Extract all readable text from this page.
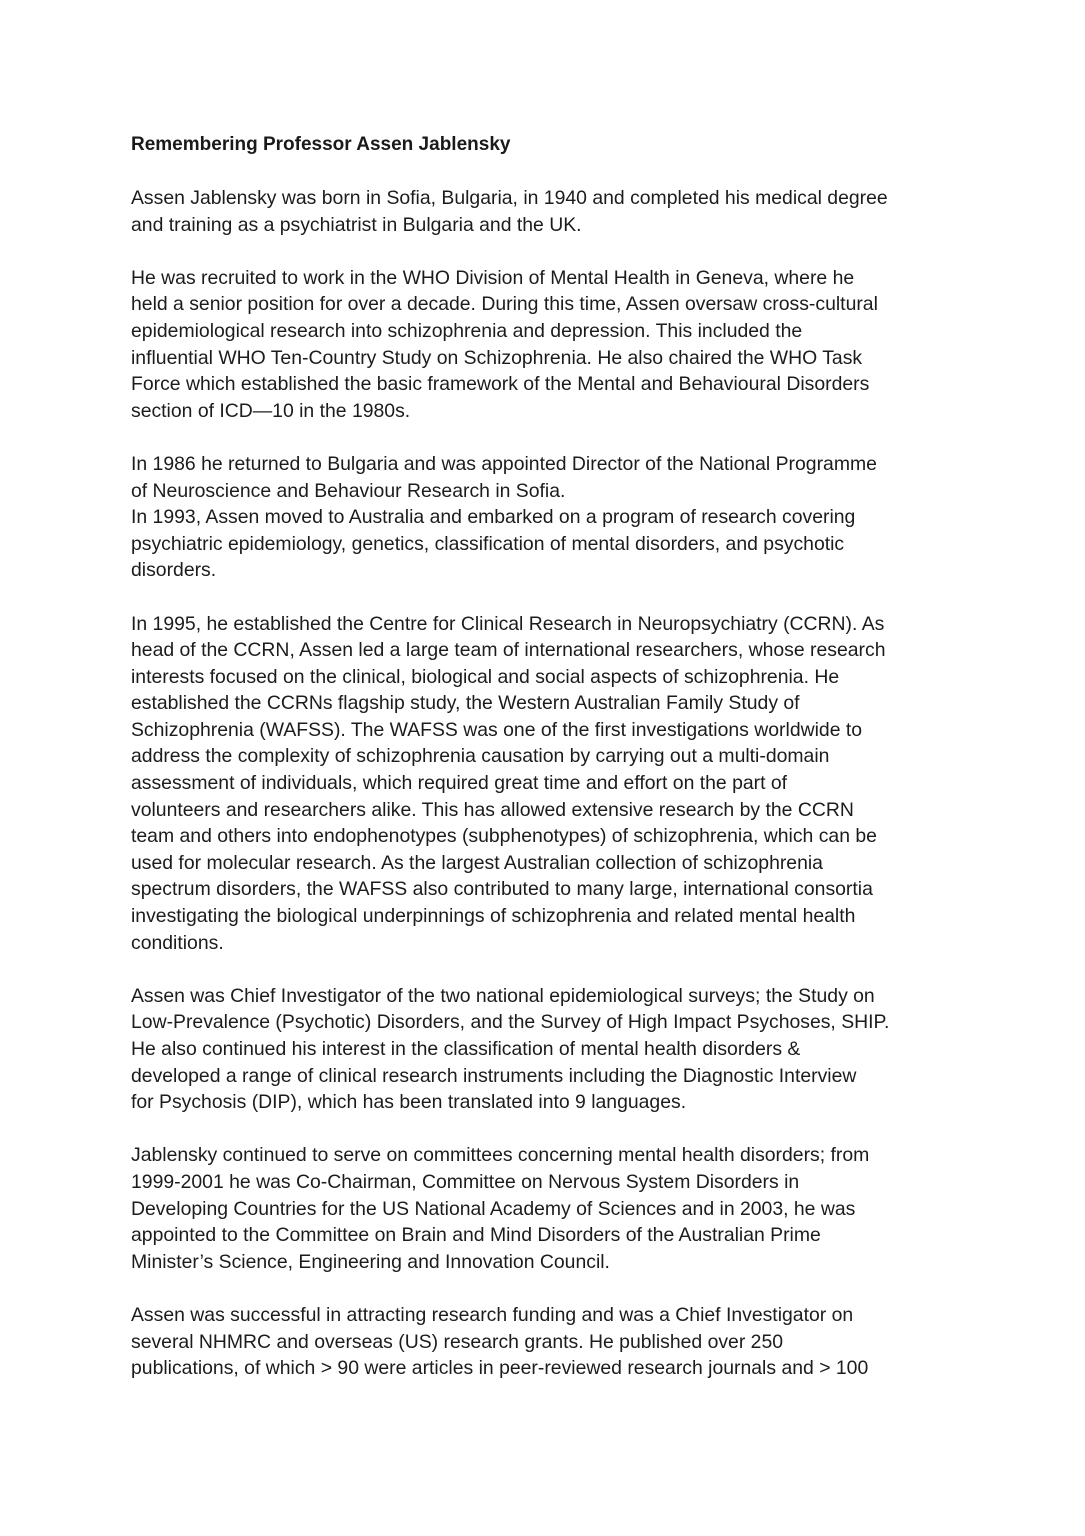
Remembering Professor Assen Jablensky

Assen Jablensky was born in Sofia, Bulgaria, in 1940 and completed his medical degree
and training as a psychiatrist in Bulgaria and the UK.

He was recruited to work in the WHO Division of Mental Health in Geneva, where he
held a senior position for over a decade. During this time, Assen oversaw cross-cultural
epidemiological research into schizophrenia and depression. This included the
influential WHO Ten-Country Study on Schizophrenia. He also chaired the WHO Task
Force which established the basic framework of the Mental and Behavioural Disorders
section of ICD—10 in the 1980s.

In 1986 he returned to Bulgaria and was appointed Director of the National Programme
of Neuroscience and Behaviour Research in Sofia.
In 1993, Assen moved to Australia and embarked on a program of research covering
psychiatric epidemiology, genetics, classification of mental disorders, and psychotic
disorders.

In 1995, he established the Centre for Clinical Research in Neuropsychiatry (CCRN). As
head of the CCRN, Assen led a large team of international researchers, whose research
interests focused on the clinical, biological and social aspects of schizophrenia. He
established the CCRNs flagship study, the Western Australian Family Study of
Schizophrenia (WAFSS). The WAFSS was one of the first investigations worldwide to
address the complexity of schizophrenia causation by carrying out a multi-domain
assessment of individuals, which required great time and effort on the part of
volunteers and researchers alike. This has allowed extensive research by the CCRN
team and others into endophenotypes (subphenotypes) of schizophrenia, which can be
used for molecular research. As the largest Australian collection of schizophrenia
spectrum disorders, the WAFSS also contributed to many large, international consortia
investigating the biological underpinnings of schizophrenia and related mental health
conditions.

Assen was Chief Investigator of the two national epidemiological surveys; the Study on
Low-Prevalence (Psychotic) Disorders, and the Survey of High Impact Psychoses, SHIP.
He also continued his interest in the classification of mental health disorders &
developed a range of clinical research instruments including the Diagnostic Interview
for Psychosis (DIP), which has been translated into 9 languages.

Jablensky continued to serve on committees concerning mental health disorders; from
1999-2001 he was Co-Chairman, Committee on Nervous System Disorders in
Developing Countries for the US National Academy of Sciences and in 2003, he was
appointed to the Committee on Brain and Mind Disorders of the Australian Prime
Minister’s Science, Engineering and Innovation Council.

Assen was successful in attracting research funding and was a Chief Investigator on
several NHMRC and overseas (US) research grants. He published over 250
publications, of which > 90 were articles in peer-reviewed research journals and > 100
